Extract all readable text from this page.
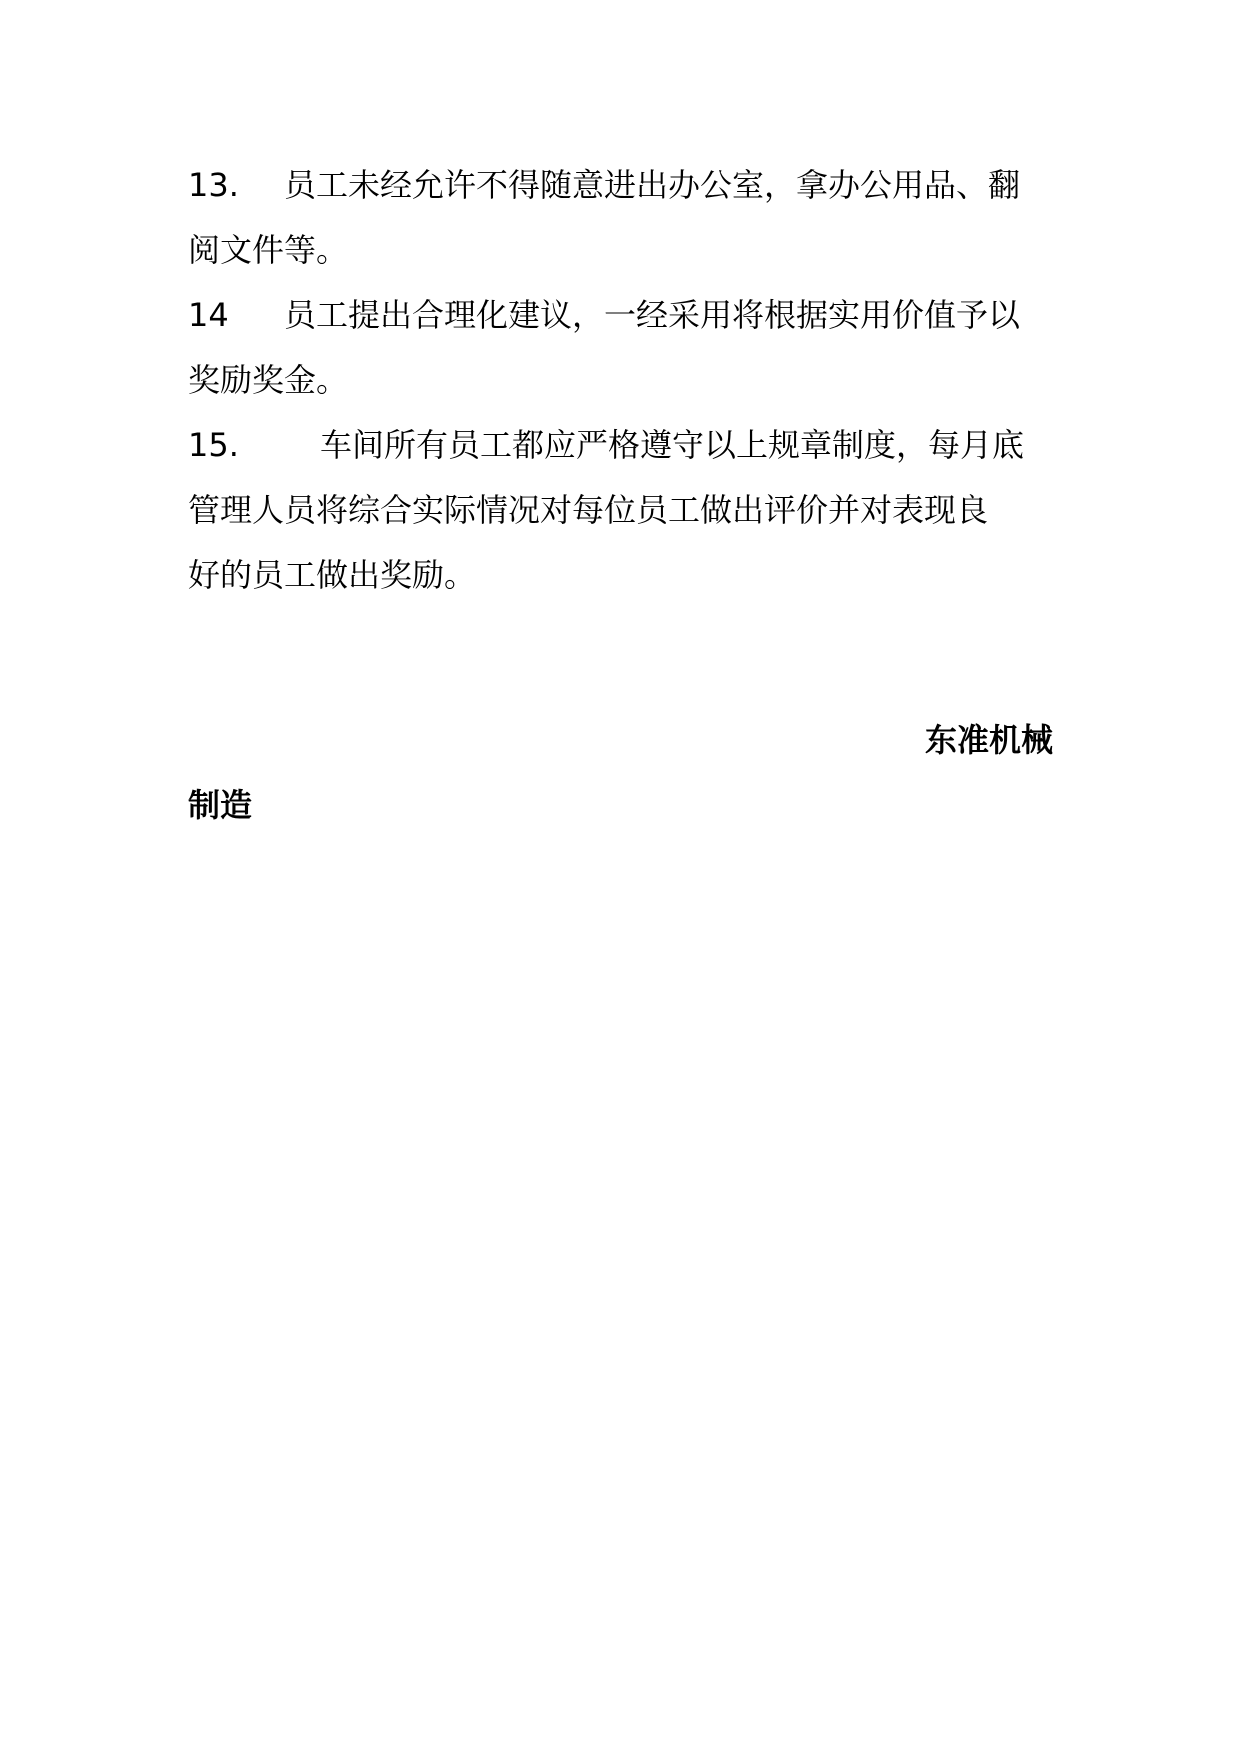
13. 员工未经允许不得随意进出办公室，拿办公用品、翻
阅文件等。
14 员工提出合理化建议，一经采用将根据实用价值予以
奖励奖金。
15.	车间所有员工都应严格遵守以上规章制度，每月底
管理人员将综合实际情况对每位员工做出评价并对表现良
好的员工做出奖励。
东准机械
制造
